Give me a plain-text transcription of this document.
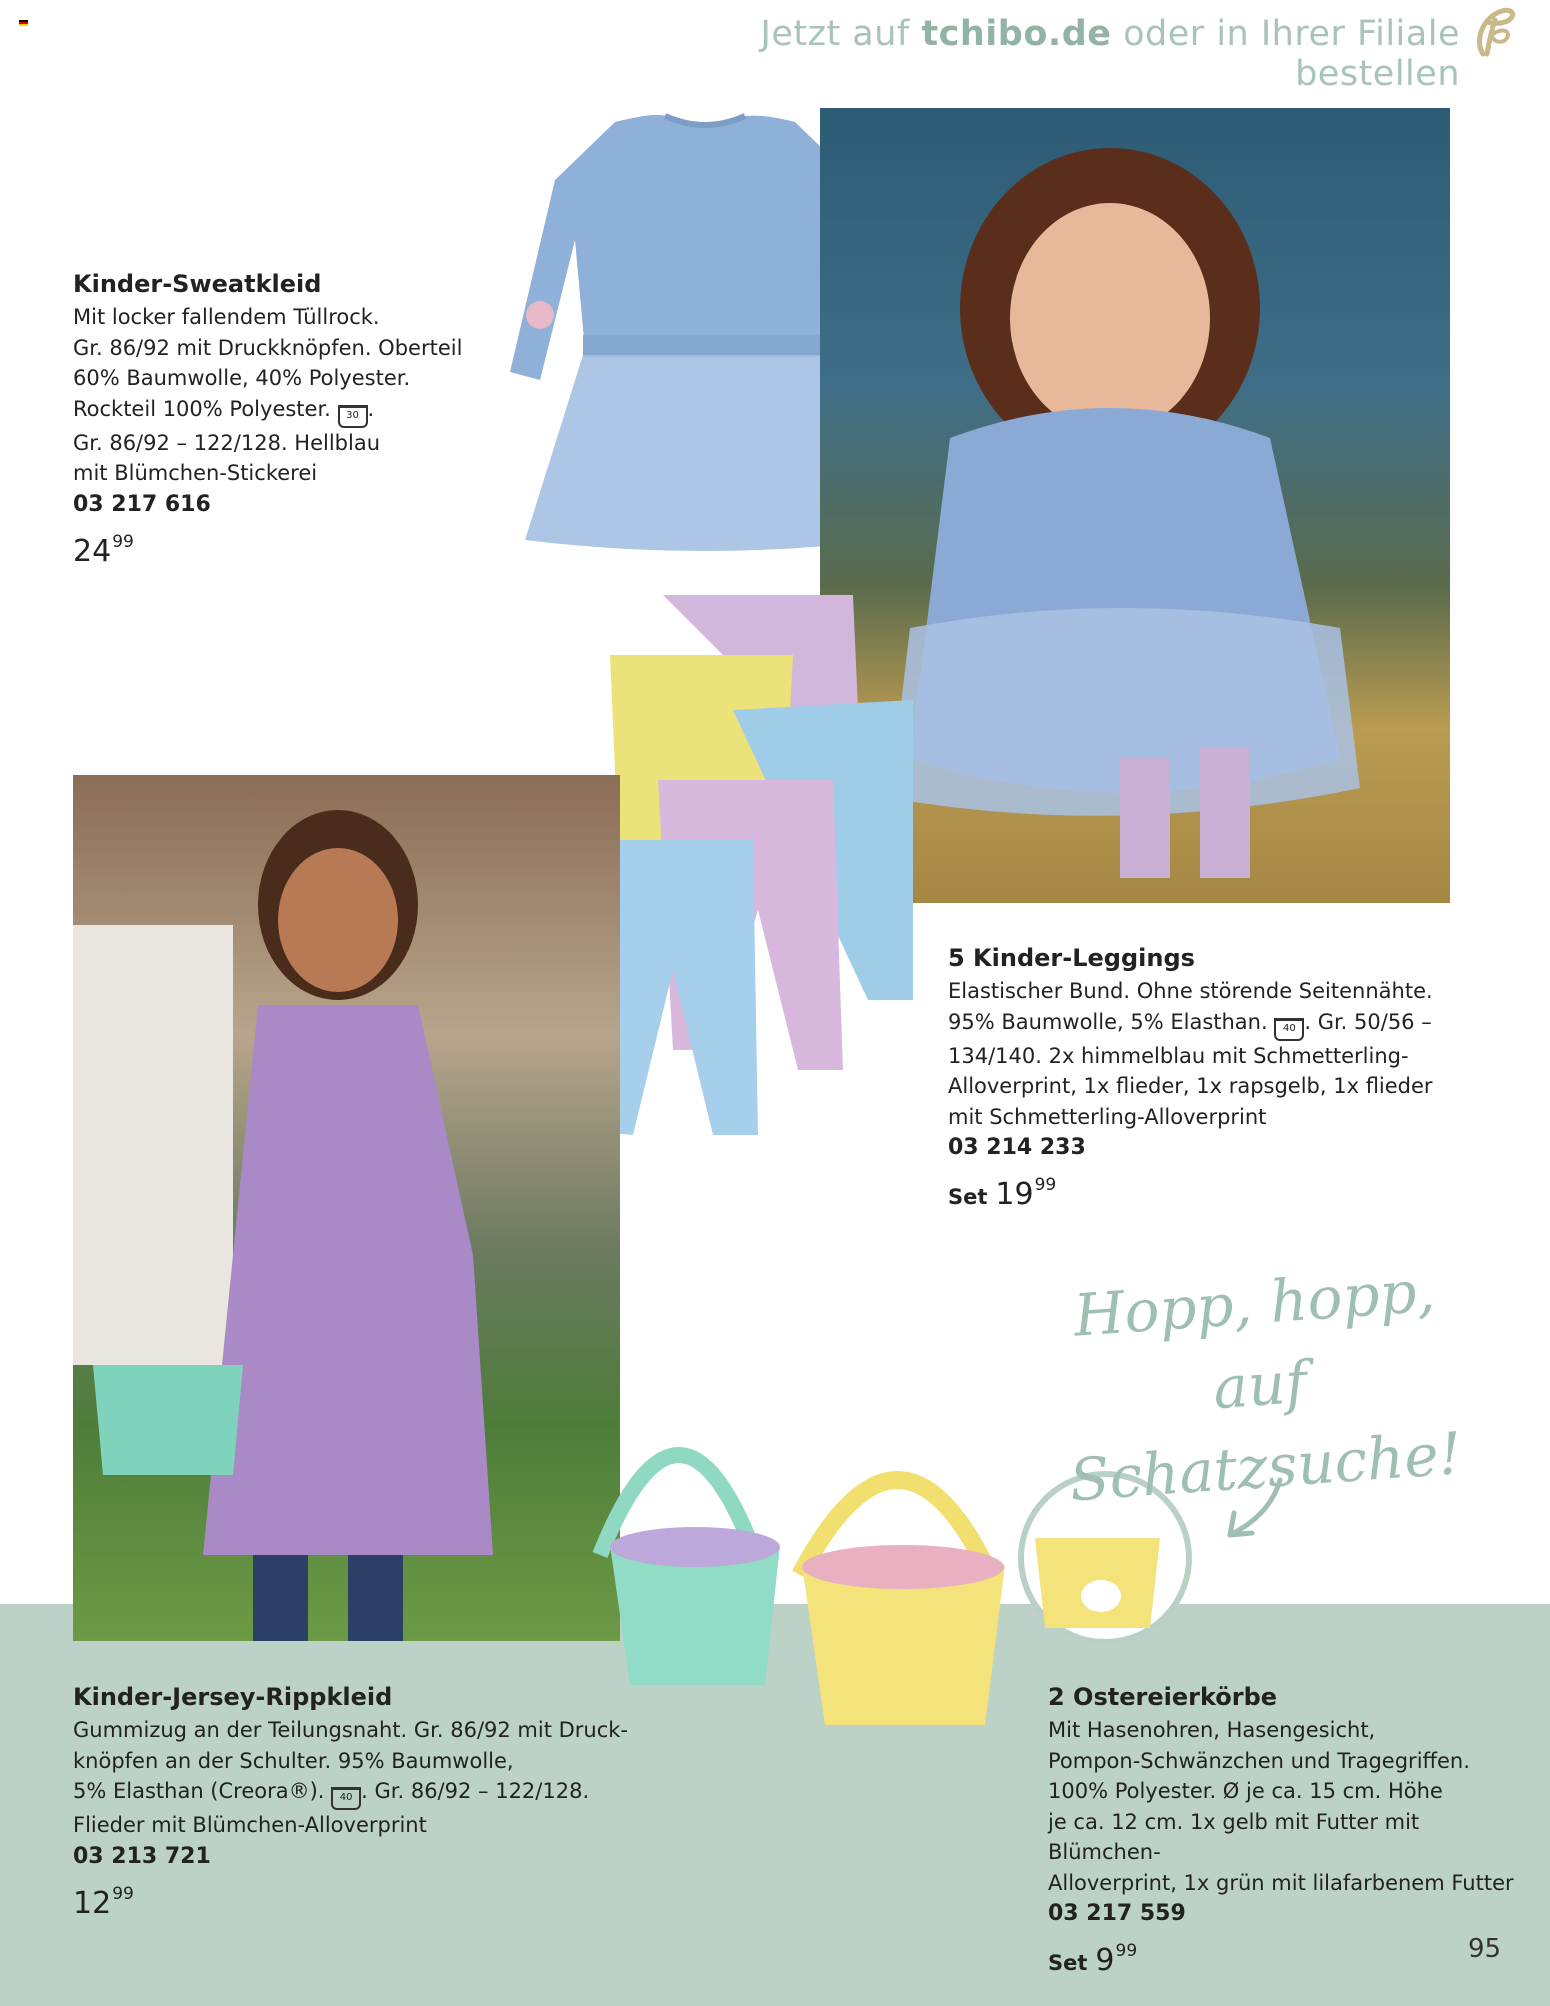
Jetzt auf tchibo.de oder in Ihrer Filiale bestellen
Hopp, hopp, auf
Schatzsuche!
Kinder-Sweatkleid
Mit locker fallendem Tüllrock.
Gr. 86/92 mit Druckknöpfen. Oberteil
60% Baumwolle, 40% Polyester.
Rockteil 100% Polyester. 30 .
Gr. 86/92 – 122/128. Hellblau
mit Blümchen-Stickerei
03 217 616
$24^{99}$
5 Kinder-Leggings
Elastischer Bund. Ohne störende Seitennähte.
95% Baumwolle, 5% Elasthan. 40 . Gr. 50/56 –
134/140. 2x himmelblau mit Schmetterling-
Alloverprint, 1x flieder, 1x rapsgelb, 1x flieder
mit Schmetterling-Alloverprint
03 214 233
Set $19^{99}$
Kinder-Jersey-Rippkleid
Gummizug an der Teilungsnaht. Gr. 86/92 mit Druck-
knöpfen an der Schulter. 95% Baumwolle,
5% Elasthan (Creora®). 40 . Gr. 86/92 – 122/128.
Flieder mit Blümchen-Alloverprint
03 213 721
$12^{99}$
2 Ostereierkörbe
Mit Hasenohren, Hasengesicht,
Pompon-Schwänzchen und Tragegriffen.
100% Polyester. Ø je ca. 15 cm. Höhe
je ca. 12 cm. 1x gelb mit Futter mit Blümchen-
Alloverprint, 1x grün mit lilafarbenem Futter
03 217 559
Set $9^{99}$	95
